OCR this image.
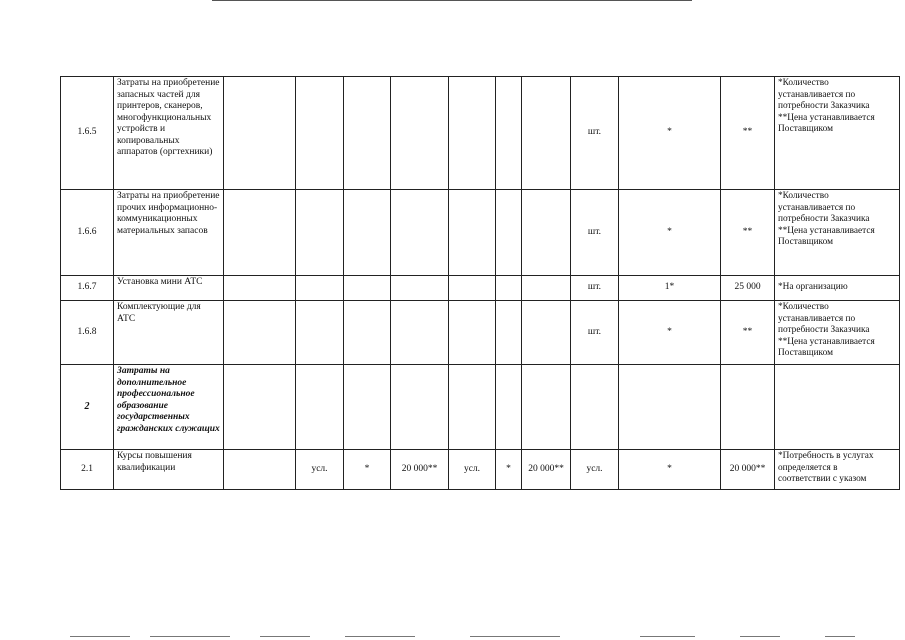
1.6.5	Затраты на приобретение запасных частей для принтеров, сканеров, многофункциональных устройств и копировальных аппаратов (оргтехники)								шт.	*	**	*Количество
устанавливается по
потребности Заказчика
**Цена устанавливается
Поставщиком

1.6.6	Затраты на приобретение прочих информационно-коммуникационных материальных запасов								шт.	*	**	*Количество
устанавливается по
потребности Заказчика
**Цена устанавливается
Поставщиком

1.6.7	Установка мини АТС								шт.	1*	25 000	*На организацию

1.6.8	Комплектующие для АТС								шт.	*	**	*Количество
устанавливается по
потребности Заказчика
**Цена устанавливается
Поставщиком

2	Затраты на дополнительное профессиональное образование государственных гражданских служащих											
2.1	Курсы повышения квалификации		усл.	*	20 000**	усл.	*	20 000**	усл.	*	20 000**	*Потребность в услугах
определяется в
соответствии с указом
